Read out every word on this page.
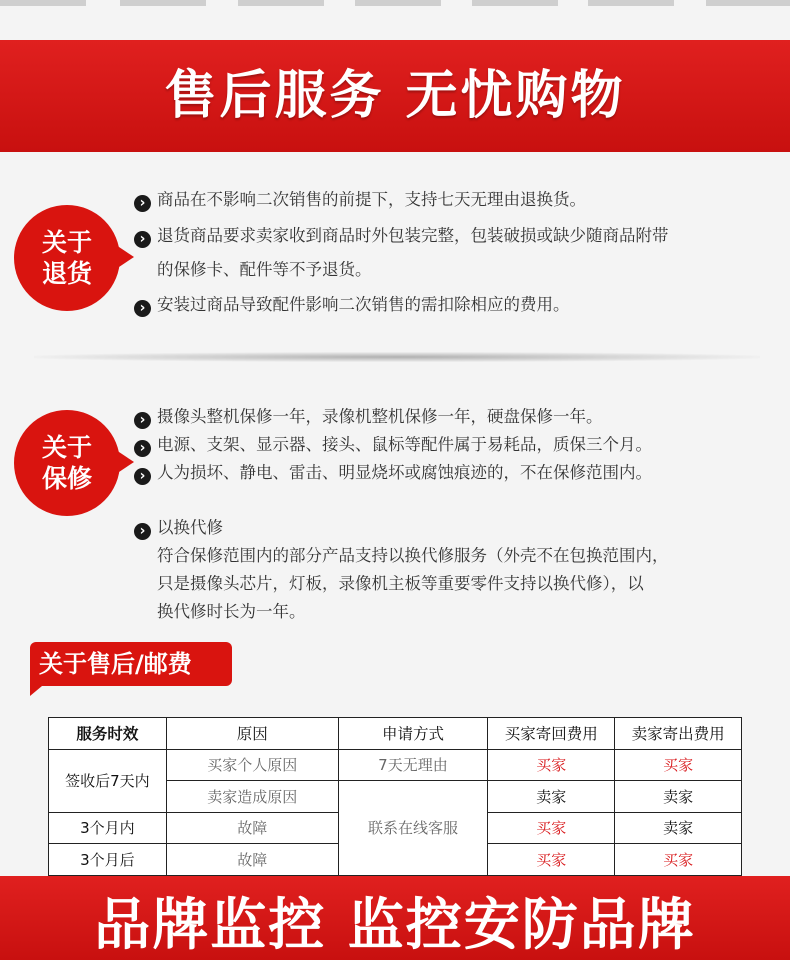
售后服务 无忧购物
关于
退货
›商品在不影响二次销售的前提下，支持七天无理由退换货。
›退货商品要求卖家收到商品时外包装完整，包装破损或缺少随商品附带
的保修卡、配件等不予退货。
›安装过商品导致配件影响二次销售的需扣除相应的费用。
关于
保修
›摄像头整机保修一年，录像机整机保修一年，硬盘保修一年。
›电源、支架、显示器、接头、鼠标等配件属于易耗品，质保三个月。
›人为损坏、静电、雷击、明显烧坏或腐蚀痕迹的，不在保修范围内。
›以换代修
符合保修范围内的部分产品支持以换代修服务（外壳不在包换范围内，
只是摄像头芯片，灯板，录像机主板等重要零件支持以换代修），以
换代修时长为一年。
关于售后/邮费
服务时效	原因	申请方式	买家寄回费用	卖家寄出费用
签收后7天内	买家个人原因	7天无理由	买家	买家
	卖家造成原因	联系在线客服	卖家	卖家
3个月内	故障		买家	卖家
3个月后	故障		买家	买家
品牌监控 监控安防品牌
